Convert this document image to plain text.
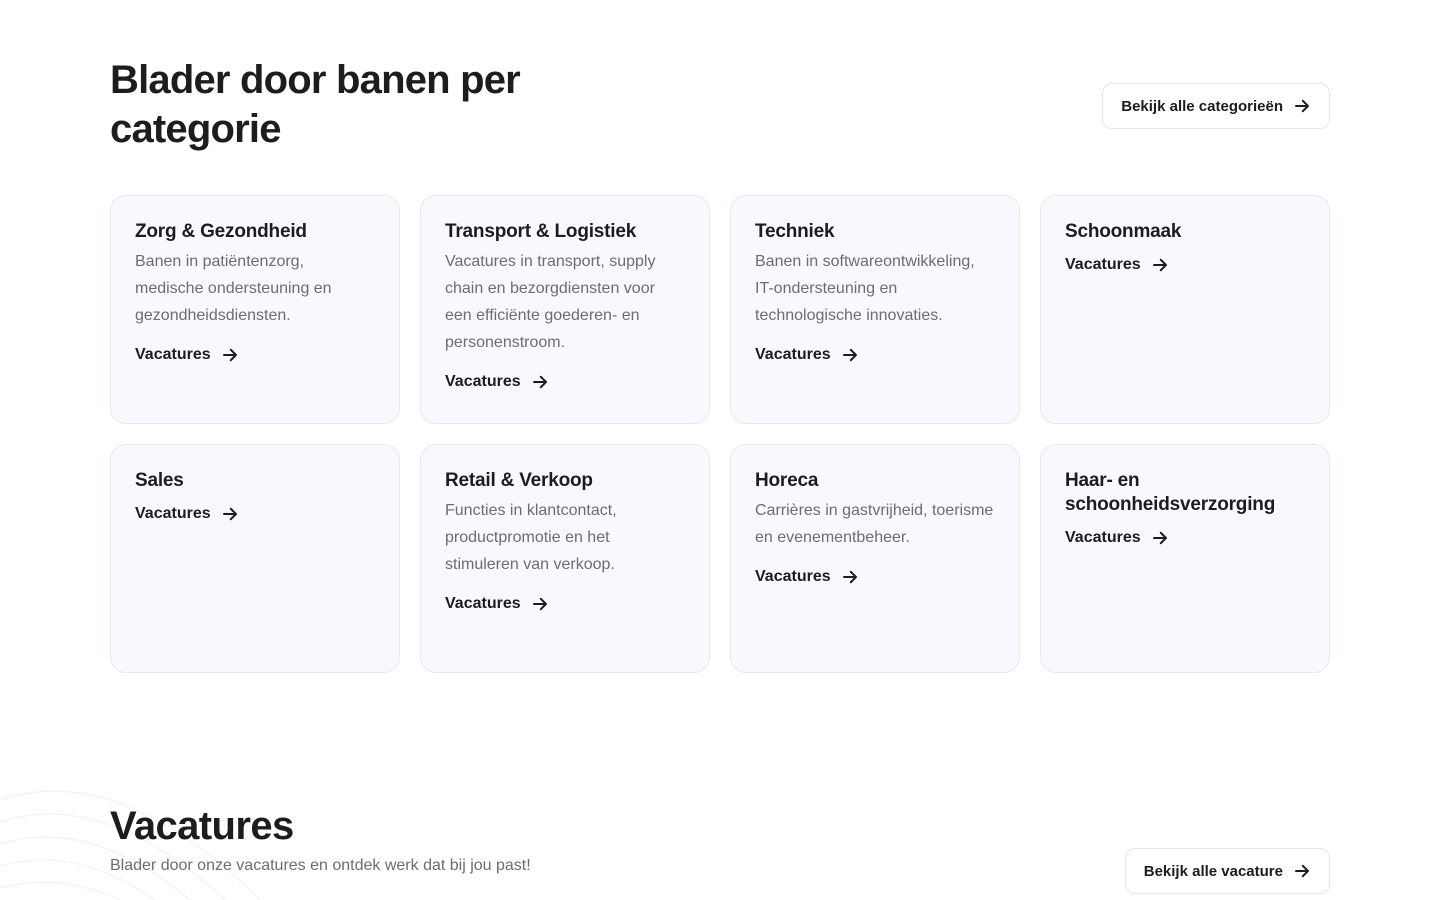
Blader door banen per categorie
Bekijk alle categorieën
Zorg & Gezondheid

Banen in patiëntenzorg, medische ondersteuning en gezondheidsdiensten.

Vacatures
Transport & Logistiek

Vacatures in transport, supply chain en bezorgdiensten voor een efficiënte goederen- en personenstroom.

Vacatures
Techniek

Banen in softwareontwikkeling, IT-ondersteuning en technologische innovaties.

Vacatures
Schoonmaak
Vacatures
Sales
Vacatures
Retail & Verkoop

Functies in klantcontact, productpromotie en het stimuleren van verkoop.

Vacatures
Horeca

Carrières in gastvrijheid, toerisme en evenementbeheer.

Vacatures
Haar- en schoonheidsverzorging
Vacatures
Vacatures

Blader door onze vacatures en ontdek werk dat bij jou past!	Bekijk alle vacature
